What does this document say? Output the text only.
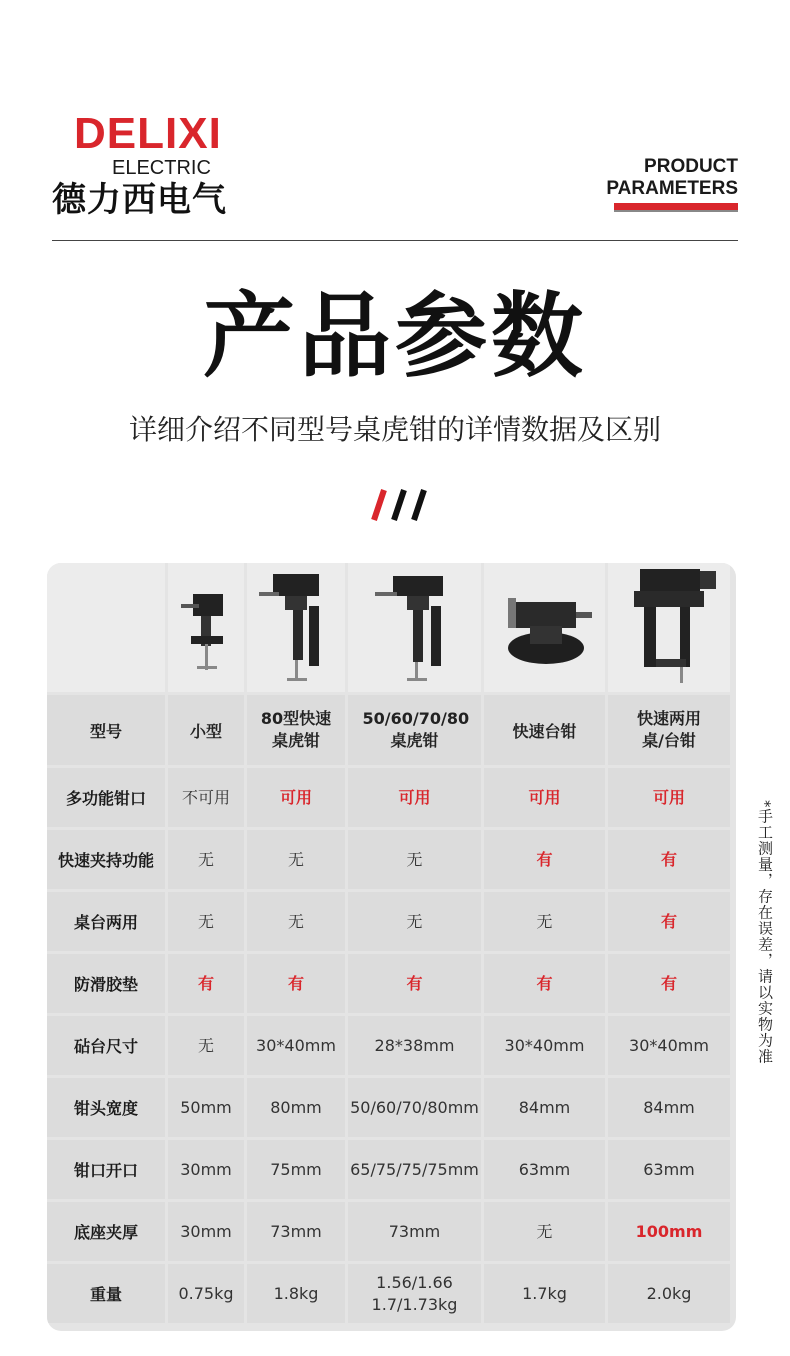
DELIXI
ELECTRIC
德力西电气
PRODUCT
PARAMETERS
产品参数
详细介绍不同型号桌虎钳的详情数据及区别

型号	小型	80型快速桌虎钳	50/60/70/80桌虎钳	快速台钳	快速两用桌/台钳

多功能钳口	不可用	可用	可用	可用	可用
快速夹持功能	无	无	无	有	有
桌台两用	无	无	无	无	有
防滑胶垫	有	有	有	有	有
砧台尺寸	无	30*40mm	28*38mm	30*40mm	30*40mm
钳头宽度	50mm	80mm	50/60/70/80mm	84mm	84mm
钳口开口	30mm	75mm	65/75/75/75mm	63mm	63mm
底座夹厚	30mm	73mm	73mm	无	100mm
重量	0.75kg	1.8kg	1.56/1.66
1.7/1.73kg	1.7kg	2.0kg
*手工测量，存在误差，请以实物为准
